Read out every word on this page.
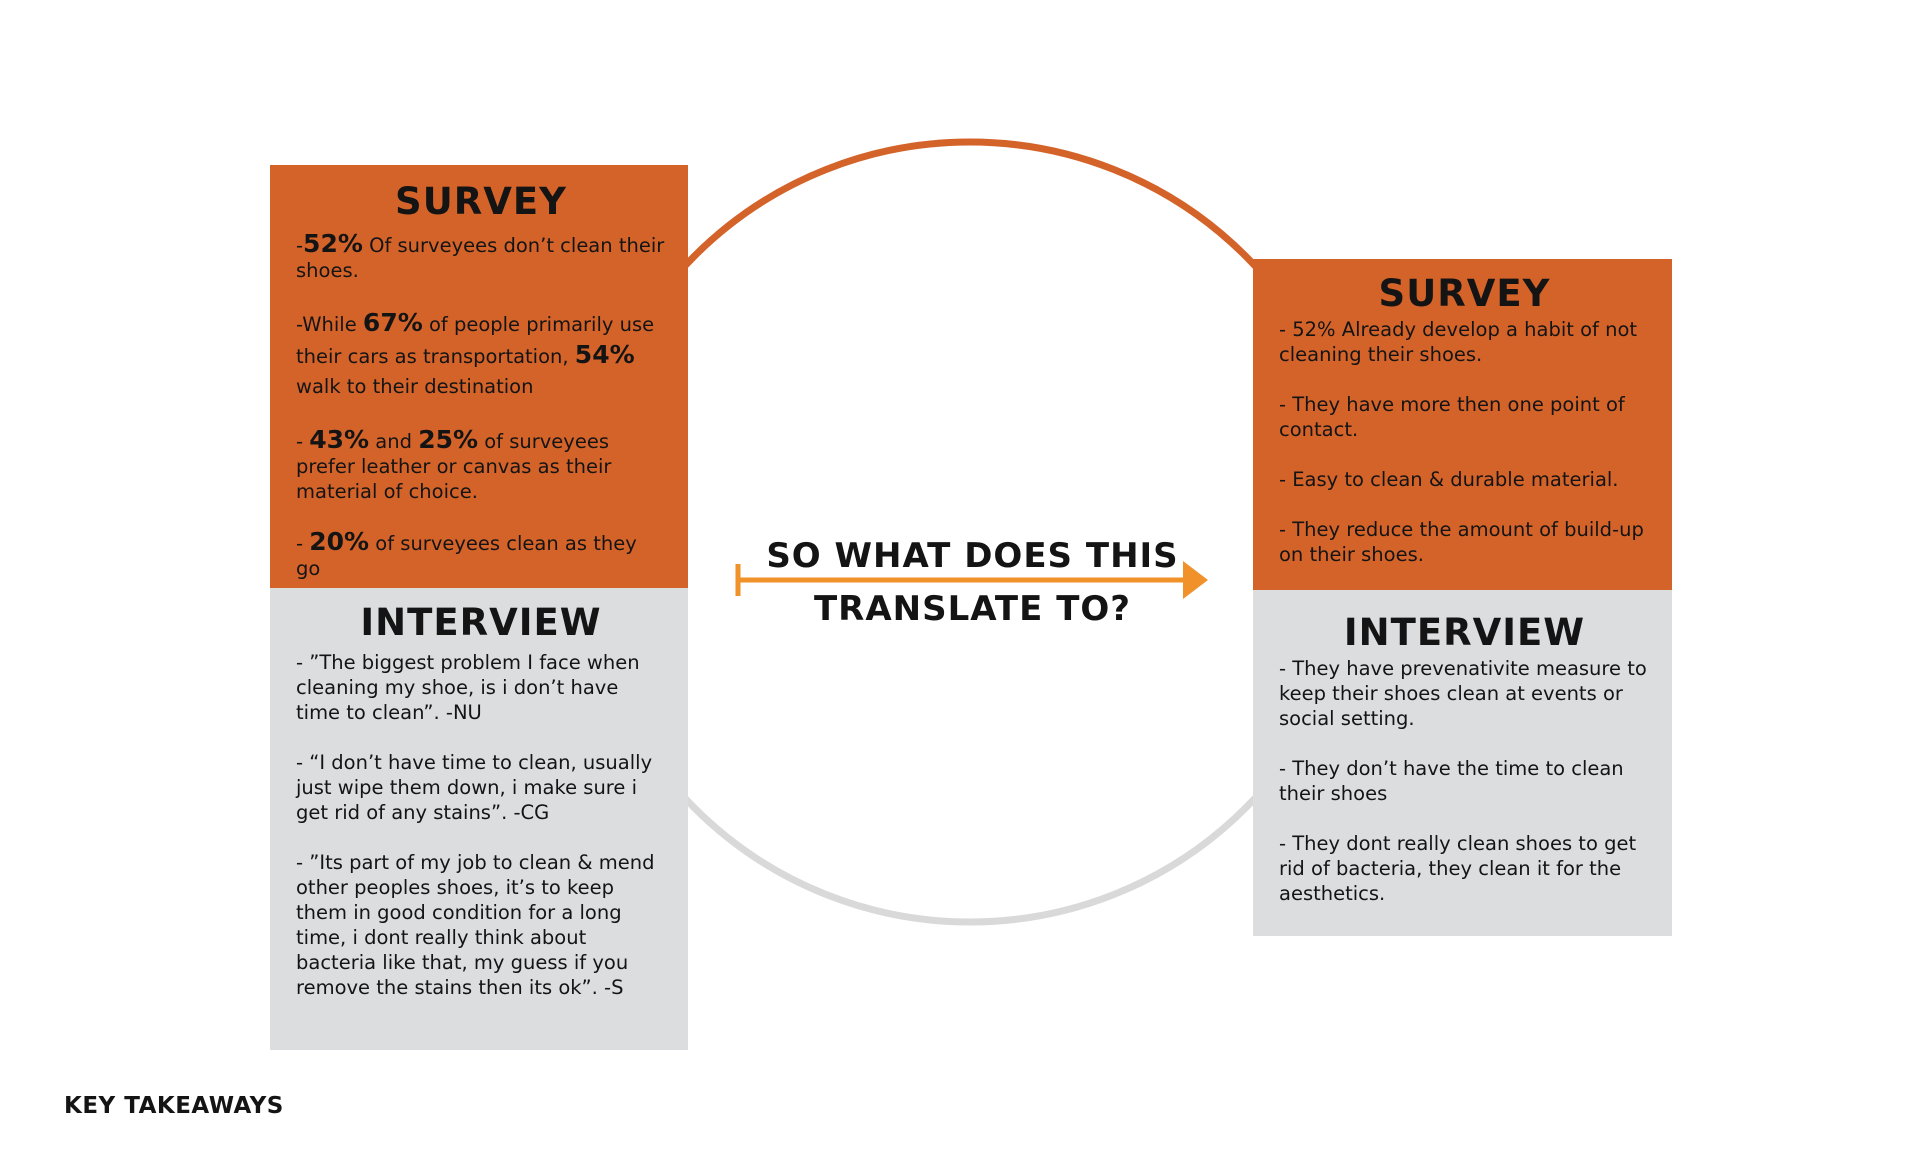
SURVEY

-52% Of surveyees don’t clean their shoes.

-While 67% of people primarily use their cars as transportation, 54% walk to their destination

- 43% and 25% of surveyees prefer leather or canvas as their material of choice.

- 20% of surveyees clean as they go

INTERVIEW

- ”The biggest problem I face when cleaning my shoe, is i don’t have time to clean”. -NU

- “I don’t have time to clean, usually just wipe them down, i make sure i get rid of any stains”. -CG

- ”Its part of my job to clean & mend other peoples shoes, it’s to keep them in good condition for a long time, i dont really think about bacteria like that, my guess if you remove the stains then its ok”. -S

SO WHAT DOES THIS
TRANSLATE TO?
SURVEY

- 52% Already develop a habit of not cleaning their shoes.

- They have more then one point of contact.

- Easy to clean & durable material.

- They reduce the amount of build-up on their shoes.

INTERVIEW

- They have prevenativite measure to keep their shoes clean at events or social setting.

- They don’t have the time to clean their shoes

- They dont really clean shoes to get rid of bacteria, they clean it for the aesthetics.

KEY TAKEAWAYS
